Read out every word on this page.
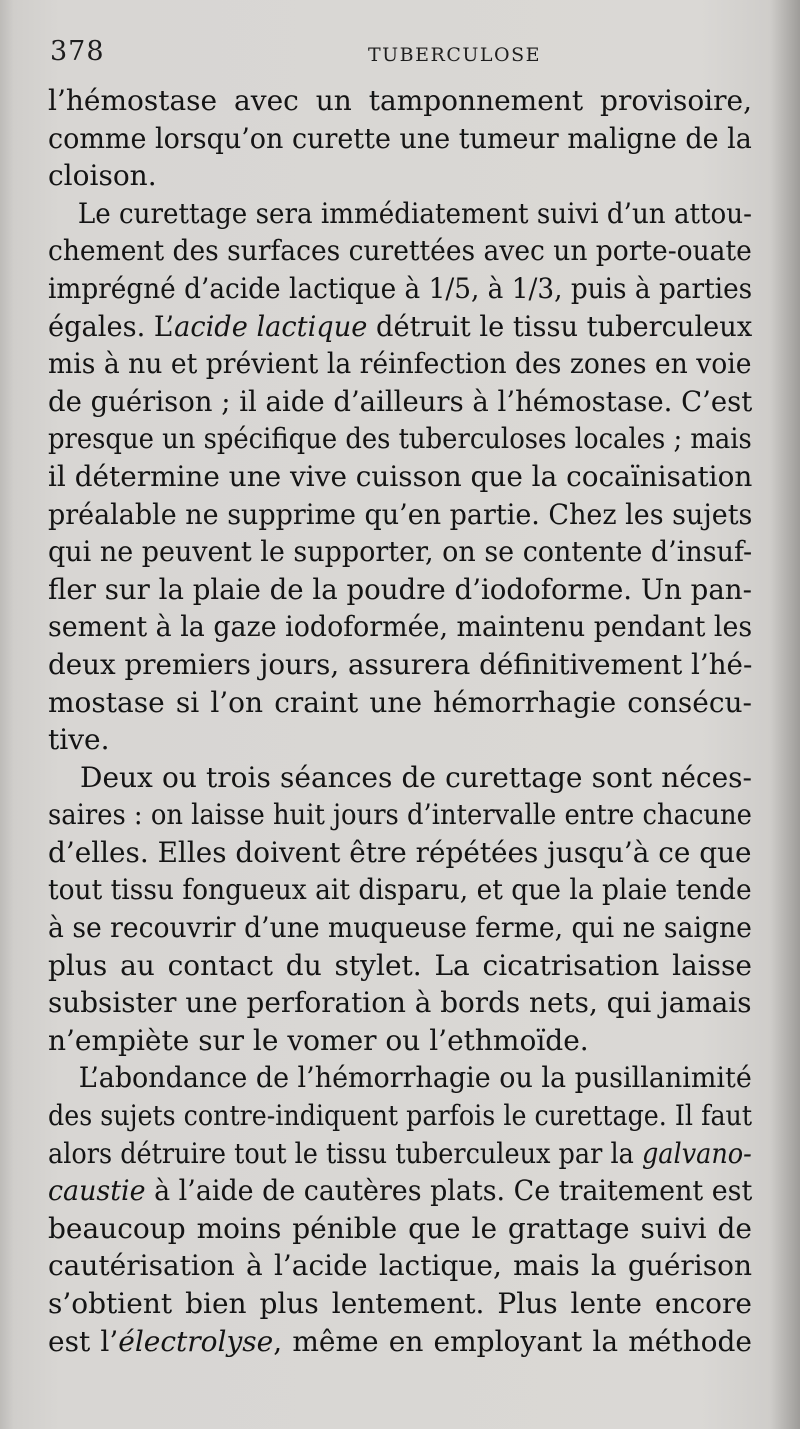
378	TUBERCULOSE
l’hémostase avec un tamponnement provisoire,
comme lorsqu’on curette une tumeur maligne de la
cloison.
Le curettage sera immédiatement suivi d’un attou-
chement des surfaces curettées avec un porte-ouate
imprégné d’acide lactique à 1/5, à 1/3, puis à parties
égales. L’acide lactique détruit le tissu tuberculeux
mis à nu et prévient la réinfection des zones en voie
de guérison ; il aide d’ailleurs à l’hémostase. C’est
presque un spécifique des tuberculoses locales ; mais
il détermine une vive cuisson que la cocaïnisation
préalable ne supprime qu’en partie. Chez les sujets
qui ne peuvent le supporter, on se contente d’insuf-
fler sur la plaie de la poudre d’iodoforme. Un pan-
sement à la gaze iodoformée, maintenu pendant les
deux premiers jours, assurera définitivement l’hé-
mostase si l’on craint une hémorrhagie consécu-
tive.
Deux ou trois séances de curettage sont néces-
saires : on laisse huit jours d’intervalle entre chacune
d’elles. Elles doivent être répétées jusqu’à ce que
tout tissu fongueux ait disparu, et que la plaie tende
à se recouvrir d’une muqueuse ferme, qui ne saigne
plus au contact du stylet. La cicatrisation laisse
subsister une perforation à bords nets, qui jamais
n’empiète sur le vomer ou l’ethmoïde.
L’abondance de l’hémorrhagie ou la pusillanimité
des sujets contre-indiquent parfois le curettage. Il faut
alors détruire tout le tissu tuberculeux par la galvano-
caustie à l’aide de cautères plats. Ce traitement est
beaucoup moins pénible que le grattage suivi de
cautérisation à l’acide lactique, mais la guérison
s’obtient bien plus lentement. Plus lente encore
est l’électrolyse, même en employant la méthode
